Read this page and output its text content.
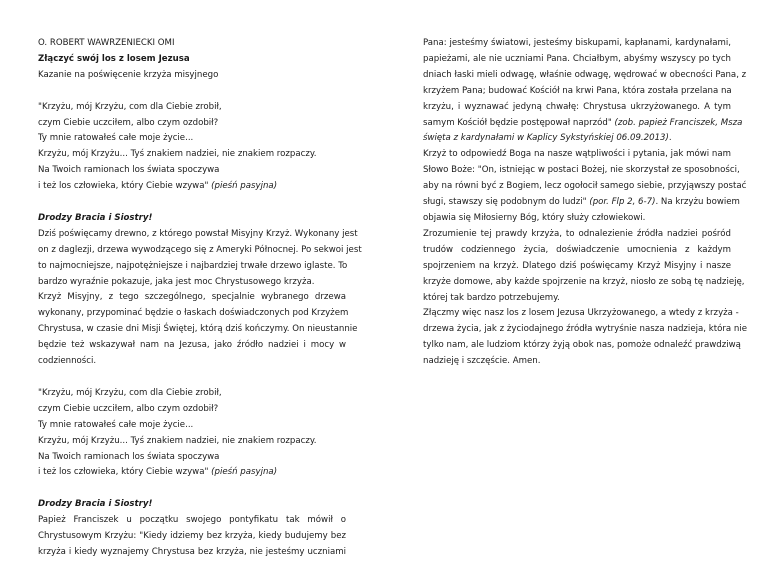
O. ROBERT WAWRZENIECKI OMI
Złączyć swój los z losem Jezusa
Kazanie na poświęcenie krzyża misyjnego
"Krzyżu, mój Krzyżu, com dla Ciebie zrobił,
czym Ciebie uczciłem, albo czym ozdobił?
Ty mnie ratowałeś całe moje życie...
Krzyżu, mój Krzyżu... Tyś znakiem nadziei, nie znakiem rozpaczy.
Na Twoich ramionach los świata spoczywa
i też los człowieka, który Ciebie wzywa" (pieśń pasyjna)
Drodzy Bracia i Siostry!
Dziś poświęcamy drewno, z którego powstał Misyjny Krzyż. Wykonany jest
on z daglezji, drzewa wywodzącego się z Ameryki Północnej. Po sekwoi jest
to najmocniejsze, najpotężniejsze i najbardziej trwałe drzewo iglaste. To
bardzo wyraźnie pokazuje, jaka jest moc Chrystusowego krzyża.
Krzyż Misyjny, z tego szczególnego, specjalnie wybranego drzewa
wykonany, przypominać będzie o łaskach doświadczonych pod Krzyżem
Chrystusa, w czasie dni Misji Świętej, którą dziś kończymy. On nieustannie
będzie też wskazywał nam na Jezusa, jako źródło nadziei i mocy w
codzienności.
"Krzyżu, mój Krzyżu, com dla Ciebie zrobił,
czym Ciebie uczciłem, albo czym ozdobił?
Ty mnie ratowałeś całe moje życie...
Krzyżu, mój Krzyżu... Tyś znakiem nadziei, nie znakiem rozpaczy.
Na Twoich ramionach los świata spoczywa
i też los człowieka, który Ciebie wzywa" (pieśń pasyjna)
Drodzy Bracia i Siostry!
Papież Franciszek u początku swojego pontyfikatu tak mówił o
Chrystusowym Krzyżu: "Kiedy idziemy bez krzyża, kiedy budujemy bez
krzyża i kiedy wyznajemy Chrystusa bez krzyża, nie jesteśmy uczniami
Pana: jesteśmy światowi, jesteśmy biskupami, kapłanami, kardynałami,
papieżami, ale nie uczniami Pana. Chciałbym, abyśmy wszyscy po tych
dniach łaski mieli odwagę, właśnie odwagę, wędrować w obecności Pana, z
krzyżem Pana; budować Kościół na krwi Pana, która została przelana na
krzyżu, i wyznawać jedyną chwałę: Chrystusa ukrzyżowanego. A tym
samym Kościół będzie postępował naprzód" (zob. papież Franciszek, Msza
święta z kardynałami w Kaplicy Sykstyńskiej 06.09.2013).
Krzyż to odpowiedź Boga na nasze wątpliwości i pytania, jak mówi nam
Słowo Boże: "On, istniejąc w postaci Bożej, nie skorzystał ze sposobności,
aby na równi być z Bogiem, lecz ogołocił samego siebie, przyjąwszy postać
sługi, stawszy się podobnym do ludzi" (por. Flp 2, 6-7). Na krzyżu bowiem
objawia się Miłosierny Bóg, który służy człowiekowi.
Zrozumienie tej prawdy krzyża, to odnalezienie źródła nadziei pośród
trudów codziennego życia, doświadczenie umocnienia z każdym
spojrzeniem na krzyż. Dlatego dziś poświęcamy Krzyż Misyjny i nasze
krzyże domowe, aby każde spojrzenie na krzyż, niosło ze sobą tę nadzieję,
której tak bardzo potrzebujemy.
Złączmy więc nasz los z losem Jezusa Ukrzyżowanego, a wtedy z krzyża -
drzewa życia, jak z życiodajnego źródła wytryśnie nasza nadzieja, która nie
tylko nam, ale ludziom którzy żyją obok nas, pomoże odnaleźć prawdziwą
nadzieję i szczęście. Amen.
